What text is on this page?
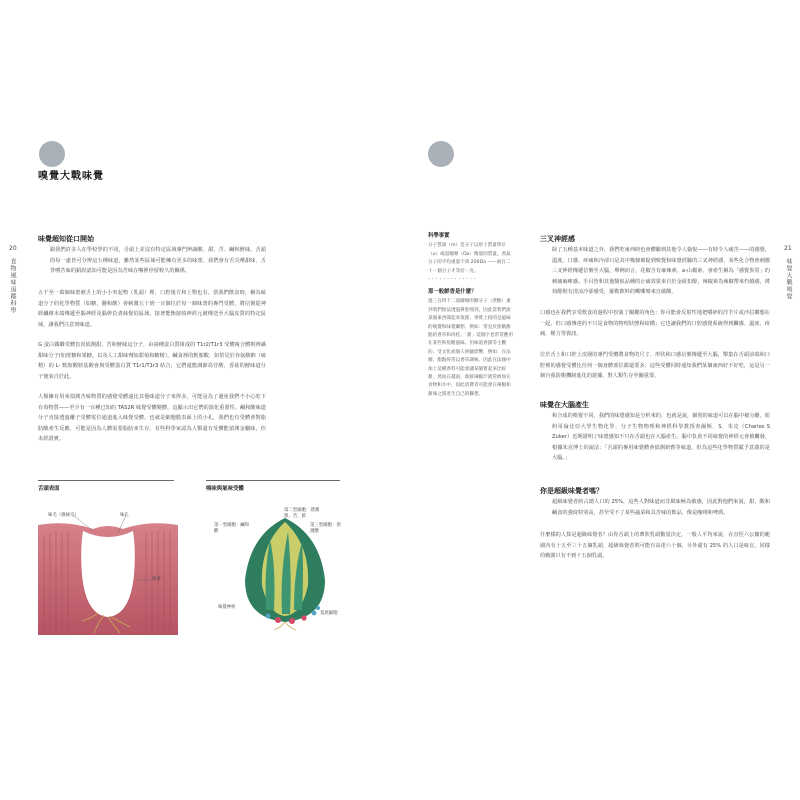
嗅覺大戰味覺
20
食物風味追蹤科學
味覺超知從口開始
跟我們許多人在學校學的不同，舌頭上並沒有特定區域專門辨識酸、甜、苦、鹹和鮮味。舌頭的每一處皆可分辨這五種味道，雖然某些區域可能擁有更多的味蕾，我們會有舌尖嚐甜味、舌背嚐苦味的錯誤認知可能是因為苦味在嘴裡停留較久的關係。
五千至一萬個味蕾被舌上的小小突起物（乳頭）裡，口腔後方和上顎也有。當我們飲食時，稱為味道分子的化學物質（如糖、鹽和酸）會刺激五十到一百個位於每一個味蕾的專門受體，將信號從神經纖維末端傳遞至腦神經及腦幹負責味覺的區域，接著能衡接收神經元被傳送至大腦皮質的特定區域，讓我們注意到味道。
G 蛋白偶聯受體負責偵測甜、苦和鮮味這分子，由兩種蛋白質組成的 T1r2/T1r3 受體複合體則辨識甜味分子(如蔗糖和果糖，以及人工甜味劑如甜菊和糖精）。鹹食裡的麩胺酸，如常見於谷氨酸鈉（味精）的 L- 麩胺酸胺基酸會與受體蛋白質 T1r1/T1r3 結合，它們還能調節鳥苷酸，香菇的鮮味道分子便來自於此。
人類擁有用來偵測苦味物質的感覺受體遠比其他味道分子來得多，可能是為了避免我們不小心吃下有毒物質——至少有一百種已知的 TAS2R 味覺受體變體，這顯示出它們的演化重要性。鹹和酸味道分子直接透過離子受體電位通道進入味覺受體，也就是細胞膜表面上的小孔，我們也有受體會對脂肪酸產生反應，可能是因為人體需要脂肪來生存。有些科學家認為人類還有受體能偵測金屬味，但未經證實。
舌頭表面	嗅味與氣味受體
味毛（微絨毛）	味孔
味蕾
第一型細胞：鹹和酸
第二型細胞：感測甜、苦、鮮
第三型細胞：偵測酸
味覺神經
基底細胞
21
味覺大戰嗅覺
科學事實
分子質量（m）是分子以原子質量單位（u）或道爾頓（Da）衡量的質量。香氣分子的平均重量不到 200Da ——兩百二十一個分子才等於一克。
· · · · · · · · · · · · ·
那一般鮮香是什麼？
過三百四十二道爾頓的糖分子（蔗糖）重到我們無法透過鼻腔嗅到，因此當我們說某個東西聞起來很甜，事實上指的是風味的嗅覺和味覺聯想。例如：常見於焦糖甜點的香草和肉桂。「甜」這個字也常常應用在某些和焦糖風味、但味道香甜等主觀的、受文化或個人經驗影響，例如：在法國，甜點經常以香草調味，因此在法國中加上這種香料可能會讓某個嘗起來比較甜，然而在越南，新鮮辣椒汁就常被加在食物和水中，因此消費者可能會在辣椒和甜味之間產生自己的聯想。
三叉神經感
除了五種基本味道之外，我們吃東西時也會體驗到其他令人愉悅——有時令人痛苦——的感覺，溫度、口感、疼痛和冷卻只是其中幾個被提到嗅覺和味覺經驗的三叉神經感，某些化合物會刺激三叉神經傳遞信號至大腦，舉例而言，花椒含有麻辣素。a-山椒素，會產生稱為「感覺異常」的刺痛麻痺感。手目皆和其他類似品種的止痛效果來自於金紐扣醇，辣椒素為辣椒帶來灼燒感，薄荷醇則有清涼冷卻感受，羅勒飲料的嘶嘶聲來自碳酸。
口感也在我們享受飲食的過程中扮演了關鍵的角色：你可能會反射性地把嚼碎的洋芋片或沙拉聯想在一起，但口感傳達的不只是食物的物理狀態和結構；它也讓我們的口腔感覺系統得到觸感、溫度、疼痛、壓力等資訊。
位於舌上和口腔上皮層的專門受體將食物的尺寸、形狀和口感信號傳遞至大腦，擊集在舌頭前端和口腔裡的感覺受體比任何一個身體部位都還要多；這些受體同時通知我們某個東西好不好吃，這是另一個自我防衛機制進化的證據，對人類生存至關重要。
味覺在大腦產生
和合成的嗅覺不同，我們的味覺感知是分析來的，也就是說，個別的味道可以在腦中被分離，紐約哥倫比亞大學生物化學、分子生物物理和神經科學教授查爾斯．S．朱克（Charles S Zuker）近期證明了味覺感知不只在舌頭也在大腦產生。腦中負責不同味覺的神經元會被觸發，根據朱克博士的說法：「舌頭的專用味覺體會偵測新舊等味道，但為這些化學物質賦予意義的是大腦。」
你是超級味覺者嗎？
超級味覺者約占總人口的 25%，這些人對味道而非風味極為敏感，因此對他們來說，甜、酸和鹹食的強度特別高，甚至受不了某些蔬菜和具苦味的飲品，像是咖啡和啤酒。
什麼樣的人算是超級味覺者？由你舌頭上的蕈狀乳頭數量決定，一般人平均來說，在直徑六公釐的範圍內有十五至三十五個乳頭，超級味覺者則可能有高達六十個，另外還有 25% 的人口是味盲，同樣的範圍只有不到十五個乳頭。
